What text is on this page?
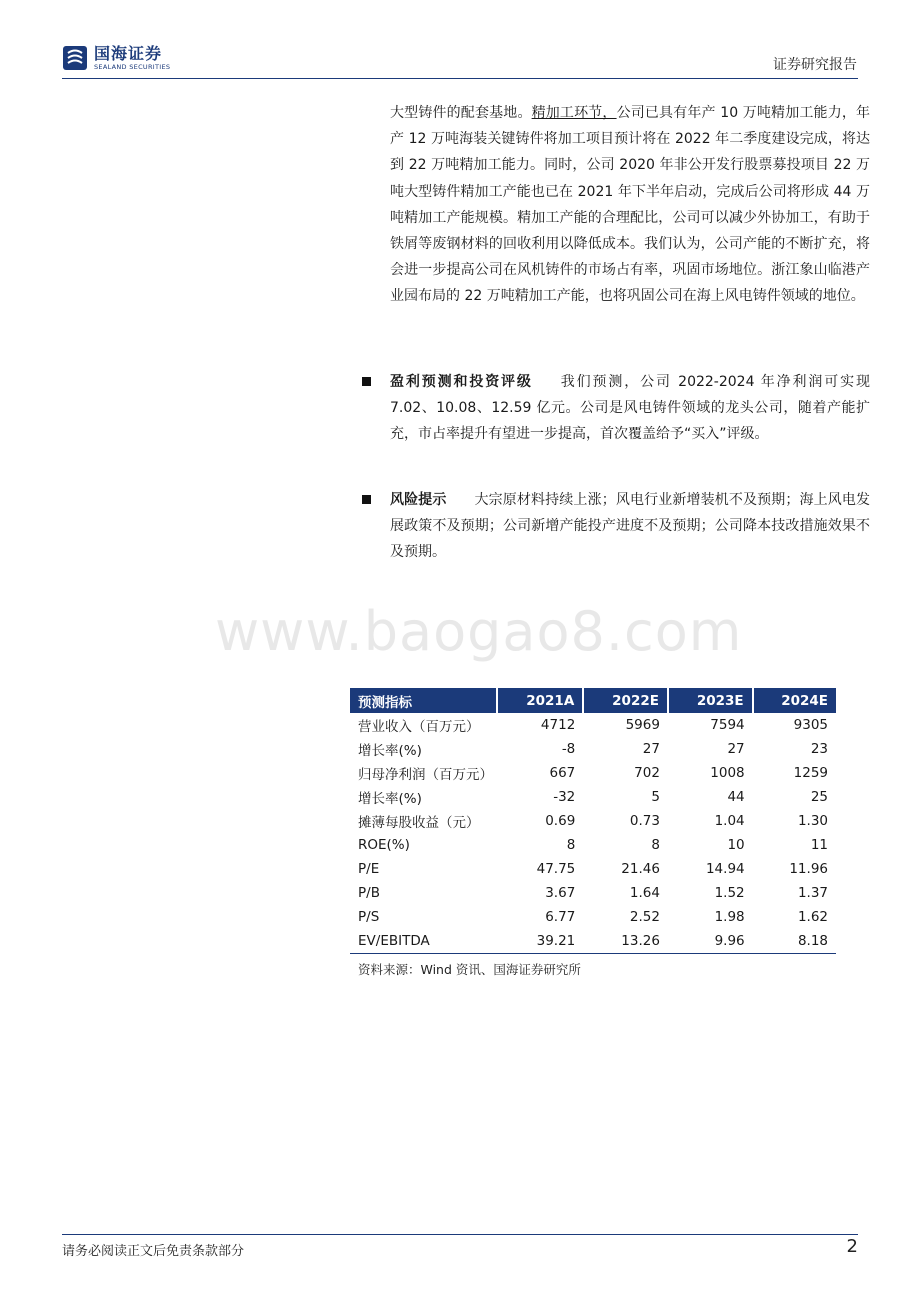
国海证券
SEALAND SECURITIES	证券研究报告
大型铸件的配套基地。精加工环节，公司已具有年产 10 万吨精加工能力，年产 12 万吨海装关键铸件将加工项目预计将在 2022 年二季度建设完成，将达到 22 万吨精加工能力。同时，公司 2020 年非公开发行股票募投项目 22 万吨大型铸件精加工产能也已在 2021 年下半年启动，完成后公司将形成 44 万吨精加工产能规模。精加工产能的合理配比，公司可以减少外协加工，有助于铁屑等废钢材料的回收利用以降低成本。我们认为，公司产能的不断扩充，将会进一步提高公司在风机铸件的市场占有率，巩固市场地位。浙江象山临港产业园布局的 22 万吨精加工产能，也将巩固公司在海上风电铸件领域的地位。
盈利预测和投资评级 我们预测，公司 2022-2024 年净利润可实现 7.02、10.08、12.59 亿元。公司是风电铸件领域的龙头公司，随着产能扩充，市占率提升有望进一步提高，首次覆盖给予“买入”评级。
风险提示 大宗原材料持续上涨；风电行业新增装机不及预期；海上风电发展政策不及预期；公司新增产能投产进度不及预期；公司降本技改措施效果不及预期。
www.baogao8.com
预测指标	2021A	2022E	2023E	2024E
营业收入（百万元）	4712	5969	7594	9305
增长率(%)	-8	27	27	23
归母净利润（百万元）	667	702	1008	1259
增长率(%)	-32	5	44	25
摊薄每股收益（元）	0.69	0.73	1.04	1.30
ROE(%)	8	8	10	11
P/E	47.75	21.46	14.94	11.96
P/B	3.67	1.64	1.52	1.37
P/S	6.77	2.52	1.98	1.62
EV/EBITDA	39.21	13.26	9.96	8.18
资料来源：Wind 资讯、国海证券研究所
请务必阅读正文后免责条款部分	2
